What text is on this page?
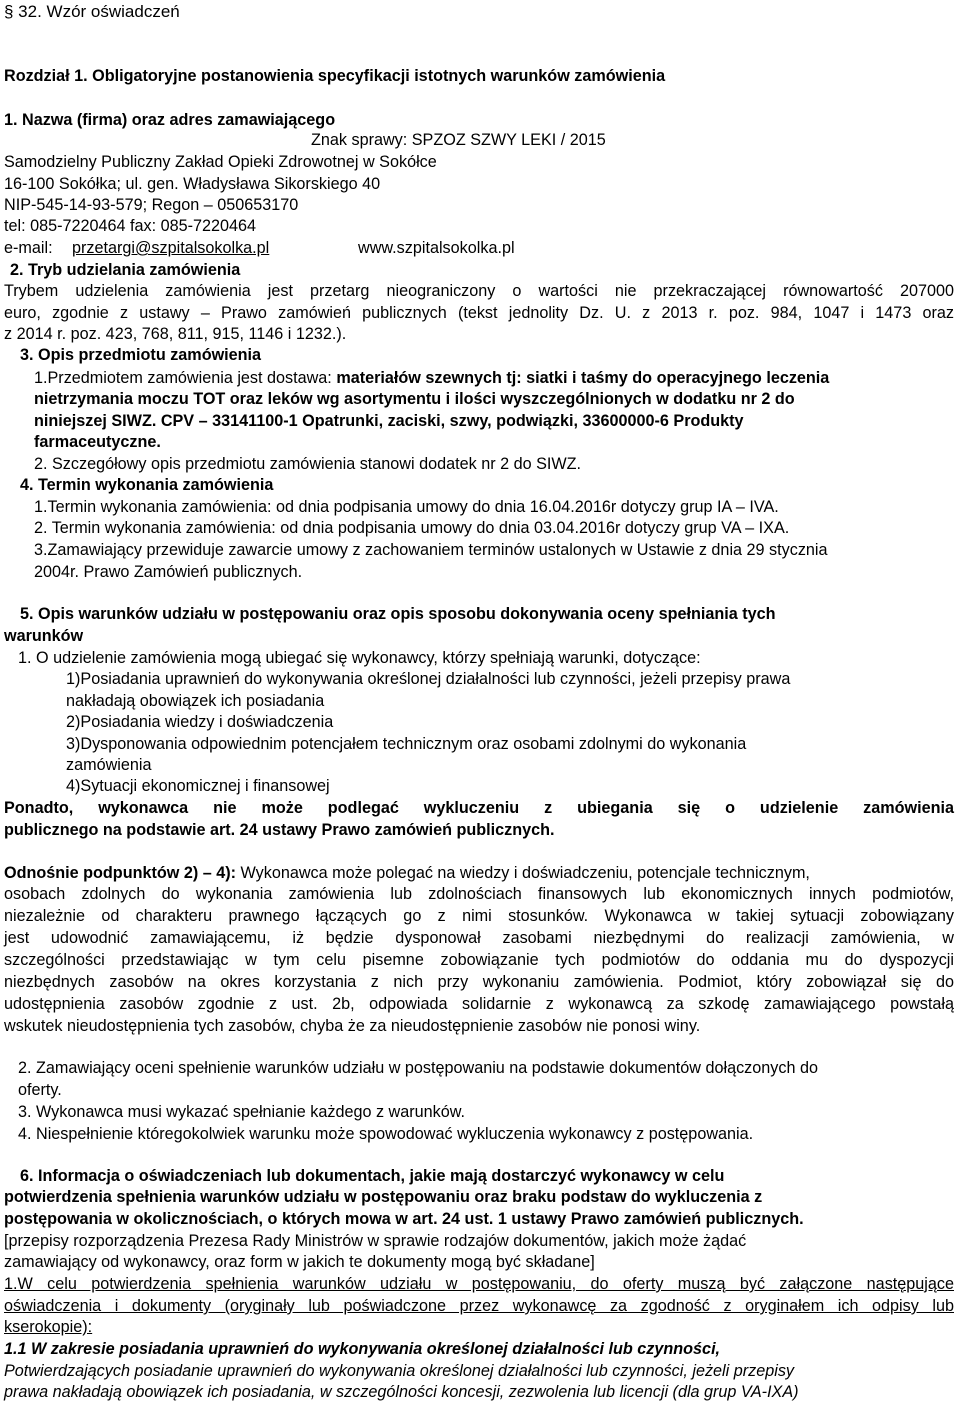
§ 32. Wzór oświadczeń
Rozdział 1. Obligatoryjne postanowienia specyfikacji istotnych warunków zamówienia
1. Nazwa (firma) oraz adres zamawiającego
Znak sprawy: SPZOZ SZWY LEKI / 2015
Samodzielny Publiczny Zakład Opieki Zdrowotnej w Sokółce
16-100 Sokółka; ul. gen. Władysława Sikorskiego 40
NIP-545-14-93-579; Regon – 050653170
tel: 085-7220464 fax: 085-7220464
e-mail: przetargi@szpitalsokolka.pl	www.szpitalsokolka.pl
2. Tryb udzielania zamówienia
Trybem udzielenia zamówienia jest przetarg nieograniczony o wartości nie przekraczającej równowartość 207000
euro, zgodnie z ustawy – Prawo zamówień publicznych (tekst jednolity Dz. U. z 2013 r. poz. 984, 1047 i 1473 oraz
z 2014 r. poz. 423, 768, 811, 915, 1146 i 1232.).
3. Opis przedmiotu zamówienia
1.Przedmiotem zamówienia jest dostawa: materiałów szewnych tj: siatki i taśmy do operacyjnego leczenia
nietrzymania moczu TOT oraz leków wg asortymentu i ilości wyszczególnionych w dodatku nr 2 do
niniejszej SIWZ. CPV – 33141100-1 Opatrunki, zaciski, szwy, podwiązki, 33600000-6 Produkty
farmaceutyczne.
2. Szczegółowy opis przedmiotu zamówienia stanowi dodatek nr 2 do SIWZ.
4. Termin wykonania zamówienia
1.Termin wykonania zamówienia: od dnia podpisania umowy do dnia 16.04.2016r dotyczy grup IA – IVA.
2. Termin wykonania zamówienia: od dnia podpisania umowy do dnia 03.04.2016r dotyczy grup VA – IXA.
3.Zamawiający przewiduje zawarcie umowy z zachowaniem terminów ustalonych w Ustawie z dnia 29 stycznia
2004r. Prawo Zamówień publicznych.
5. Opis warunków udziału w postępowaniu oraz opis sposobu dokonywania oceny spełniania tych
warunków
1. O udzielenie zamówienia mogą ubiegać się wykonawcy, którzy spełniają warunki, dotyczące:
1)Posiadania uprawnień do wykonywania określonej działalności lub czynności, jeżeli przepisy prawa
nakładają obowiązek ich posiadania
2)Posiadania wiedzy i doświadczenia
3)Dysponowania odpowiednim potencjałem technicznym oraz osobami zdolnymi do wykonania
zamówienia
4)Sytuacji ekonomicznej i finansowej
Ponadto, wykonawca nie może podlegać wykluczeniu z ubiegania się o udzielenie zamówienia
publicznego na podstawie art. 24 ustawy Prawo zamówień publicznych.
Odnośnie podpunktów 2) – 4): Wykonawca może polegać na wiedzy i doświadczeniu, potencjale technicznym,
osobach zdolnych do wykonania zamówienia lub zdolnościach finansowych lub ekonomicznych innych podmiotów,
niezależnie od charakteru prawnego łączących go z nimi stosunków. Wykonawca w takiej sytuacji zobowiązany
jest udowodnić zamawiającemu, iż będzie dysponował zasobami niezbędnymi do realizacji zamówienia, w
szczególności przedstawiając w tym celu pisemne zobowiązanie tych podmiotów do oddania mu do dyspozycji
niezbędnych zasobów na okres korzystania z nich przy wykonaniu zamówienia. Podmiot, który zobowiązał się do
udostępnienia zasobów zgodnie z ust. 2b, odpowiada solidarnie z wykonawcą za szkodę zamawiającego powstałą
wskutek nieudostępnienia tych zasobów, chyba że za nieudostępnienie zasobów nie ponosi winy.
2. Zamawiający oceni spełnienie warunków udziału w postępowaniu na podstawie dokumentów dołączonych do
oferty.
3. Wykonawca musi wykazać spełnianie każdego z warunków.
4. Niespełnienie któregokolwiek warunku może spowodować wykluczenia wykonawcy z postępowania.
6. Informacja o oświadczeniach lub dokumentach, jakie mają dostarczyć wykonawcy w celu
potwierdzenia spełnienia warunków udziału w postępowaniu oraz braku podstaw do wykluczenia z
postępowania w okolicznościach, o których mowa w art. 24 ust. 1 ustawy Prawo zamówień publicznych.
[przepisy rozporządzenia Prezesa Rady Ministrów w sprawie rodzajów dokumentów, jakich może żądać
zamawiający od wykonawcy, oraz form w jakich te dokumenty mogą być składane]
1.W celu potwierdzenia spełnienia warunków udziału w postępowaniu, do oferty muszą być załączone następujące
oświadczenia i dokumenty (oryginały lub poświadczone przez wykonawcę za zgodność z oryginałem ich odpisy lub
kserokopie):
1.1 W zakresie posiadania uprawnień do wykonywania określonej działalności lub czynności,
Potwierdzających posiadanie uprawnień do wykonywania określonej działalności lub czynności, jeżeli przepisy
prawa nakładają obowiązek ich posiadania, w szczególności koncesji, zezwolenia lub licencji (dla grup VA-IXA)
